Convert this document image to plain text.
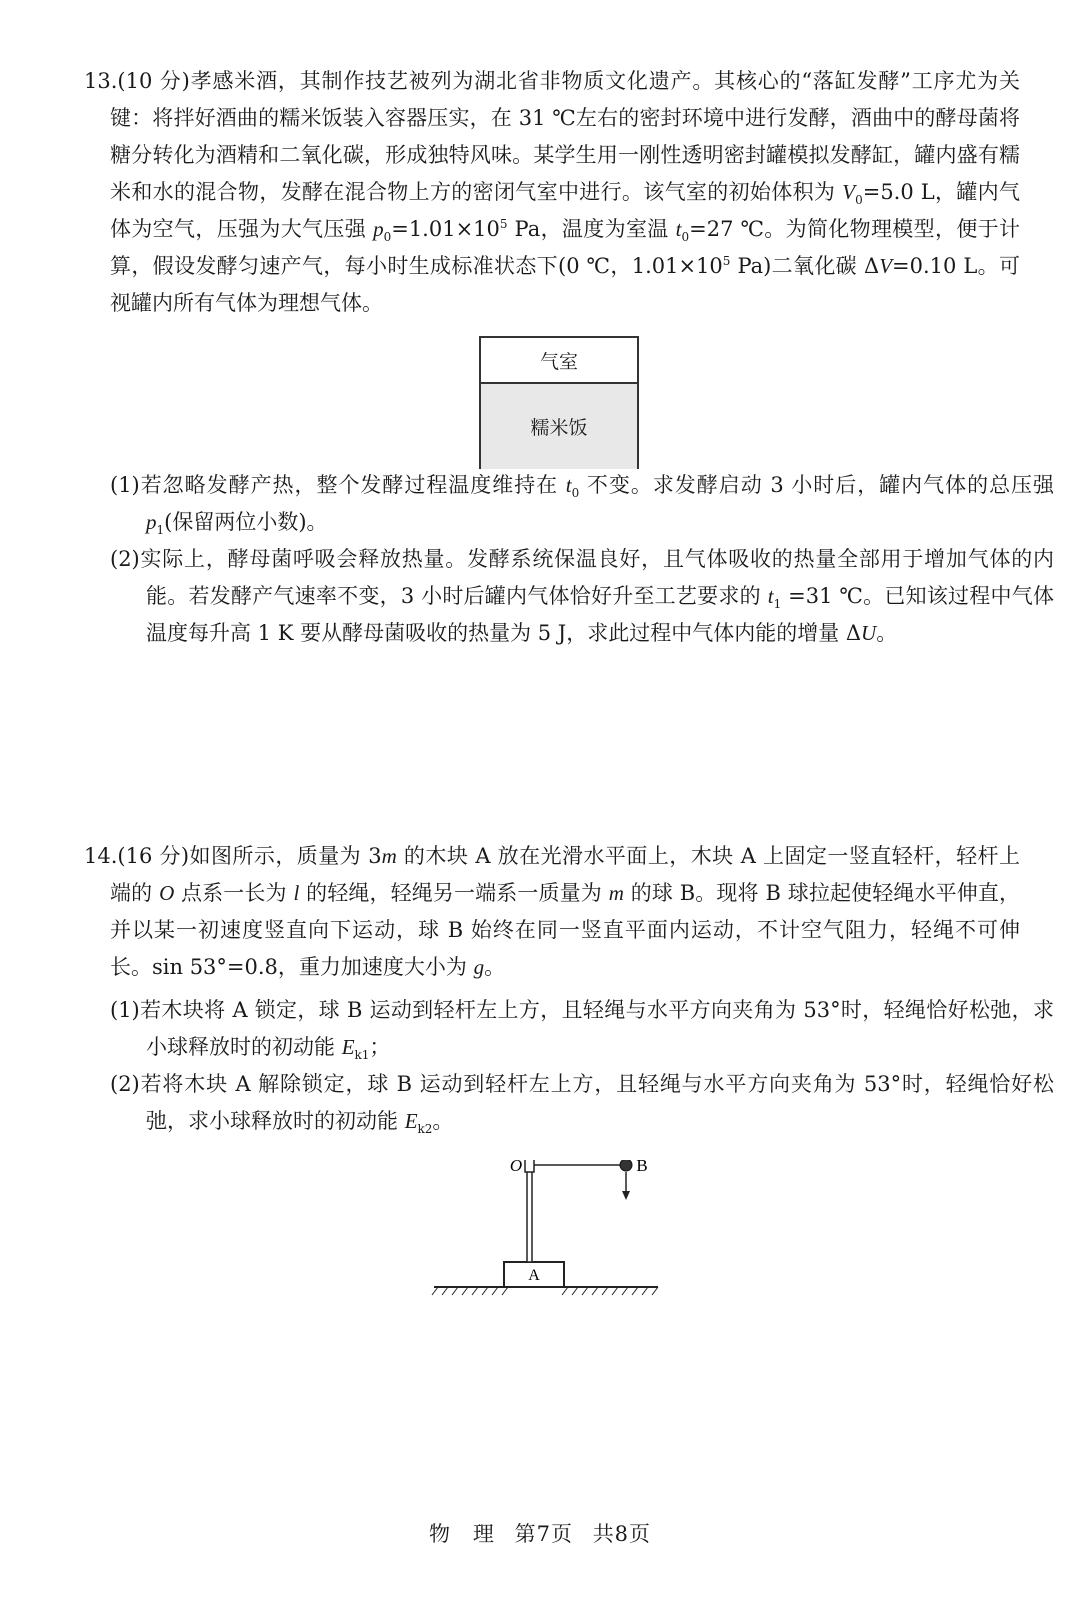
13.(10 分)孝感米酒，其制作技艺被列为湖北省非物质文化遗产。其核心的“落缸发酵”工序尤为关键：将拌好酒曲的糯米饭装入容器压实，在 31 ℃左右的密封环境中进行发酵，酒曲中的酵母菌将糖分转化为酒精和二氧化碳，形成独特风味。某学生用一刚性透明密封罐模拟发酵缸，罐内盛有糯米和水的混合物，发酵在混合物上方的密闭气室中进行。该气室的初始体积为 $V_0=5.0$ L，罐内气体为空气，压强为大气压强 $p_0=1.01\times 10^5$ Pa，温度为室温 $t_0=27$ ℃。为简化物理模型，便于计算，假设发酵匀速产气，每小时生成标准状态下(0 ℃，$1.01\times 10^5$ Pa)二氧化碳 ΔV=0.10 L。可视罐内所有气体为理想气体。
气室
糯米饭
(1)若忽略发酵产热，整个发酵过程温度维持在 $t_0$ 不变。求发酵启动 3 小时后，罐内气体的总压强 $p_1$(保留两位小数)。
(2)实际上，酵母菌呼吸会释放热量。发酵系统保温良好，且气体吸收的热量全部用于增加气体的内能。若发酵产气速率不变，3 小时后罐内气体恰好升至工艺要求的 $t_1 =31$ ℃。已知该过程中气体温度每升高 1 K 要从酵母菌吸收的热量为 5 J，求此过程中气体内能的增量 ΔU。
14.(16 分)如图所示，质量为 3m 的木块 A 放在光滑水平面上，木块 A 上固定一竖直轻杆，轻杆上端的 O 点系一长为 l 的轻绳，轻绳另一端系一质量为 m 的球 B。现将 B 球拉起使轻绳水平伸直，并以某一初速度竖直向下运动，球 B 始终在同一竖直平面内运动，不计空气阻力，轻绳不可伸长。sin 53°=0.8，重力加速度大小为 g。
(1)若木块将 A 锁定，球 B 运动到轻杆左上方，且轻绳与水平方向夹角为 53°时，轻绳恰好松弛，求小球释放时的初动能 $E_{k1}$；
(2)若将木块 A 解除锁定，球 B 运动到轻杆左上方，且轻绳与水平方向夹角为 53°时，轻绳恰好松弛，求小球释放时的初动能 $E_{k2}$。
A
O	B
物　理 第7页 共8页
